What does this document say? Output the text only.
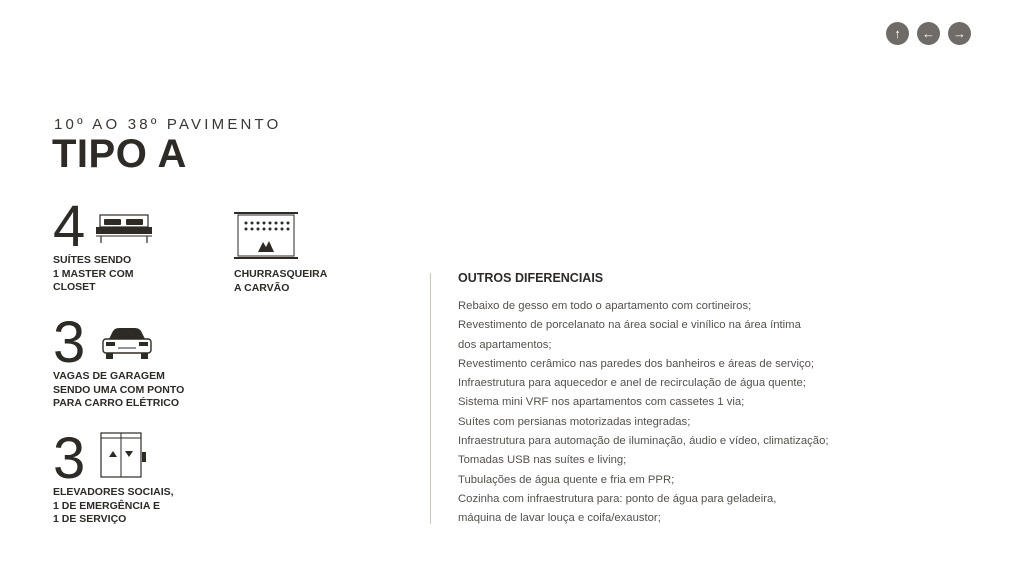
↑ ← →
10º AO 38º PAVIMENTO
TIPO A
4
SUÍTES SENDO
1 MASTER COM
CLOSET
CHURRASQUEIRA
A CARVÃO
3
VAGAS DE GARAGEM
SENDO UMA COM PONTO
PARA CARRO ELÉTRICO
3
ELEVADORES SOCIAIS,
1 DE EMERGÊNCIA E
1 DE SERVIÇO
OUTROS DIFERENCIAIS
Rebaixo de gesso em todo o apartamento com cortineiros;
Revestimento de porcelanato na área social e vinílico na área íntima
dos apartamentos;
Revestimento cerâmico nas paredes dos banheiros e áreas de serviço;
Infraestrutura para aquecedor e anel de recirculação de água quente;
Sistema mini VRF nos apartamentos com cassetes 1 via;
Suítes com persianas motorizadas integradas;
Infraestrutura para automação de iluminação, áudio e vídeo, climatização;
Tomadas USB nas suítes e living;
Tubulações de água quente e fria em PPR;
Cozinha com infraestrutura para: ponto de água para geladeira,
máquina de lavar louça e coifa/exaustor;
